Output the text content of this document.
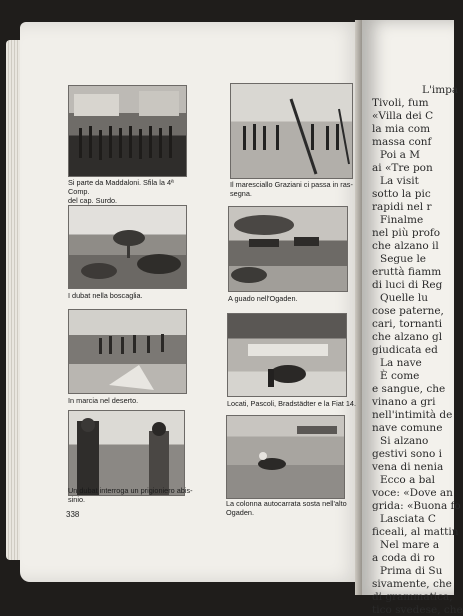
Si parte da Maddaloni. Sfila la 4ª Comp.
del cap. Surdo.
Il maresciallo Graziani ci passa in ras-
segna.
I dubat nella boscaglia.	A guado nell'Ogaden.
In marcia nel deserto.	Locati, Pascoli, Bradstädter e la Fiat 14.
Un dubat interroga un prigioniero abis-
sinio.	La colonna autocarrata sosta nell'alto
Ogaden.
338
L'impa
Tivoli, fum
«Villa dei C
la mia com
massa conf
Poi a M
ai «Tre pon
La visit
sotto la pic
rapidi nel r
Finalme
nel più profo
che alzano il
Segue le
eruttà fiamm
di luci di Reg
Quelle lu
cose paterne,
cari, tornanti
che alzano gl
giudicata ed
La nave
È come
e sangue, che
vinano a gri
nell'intimità de
nave comune
Si alzano
gestivi sono i
vena di nenia
Ecco a bal
voce: «Dove an
grida: «Buona fo
Lasciata C
ficeali, al mattin
Nel mare a
a coda di ro
Prima di Su
sivamente, che
di grammatica,
tico svedese, che
